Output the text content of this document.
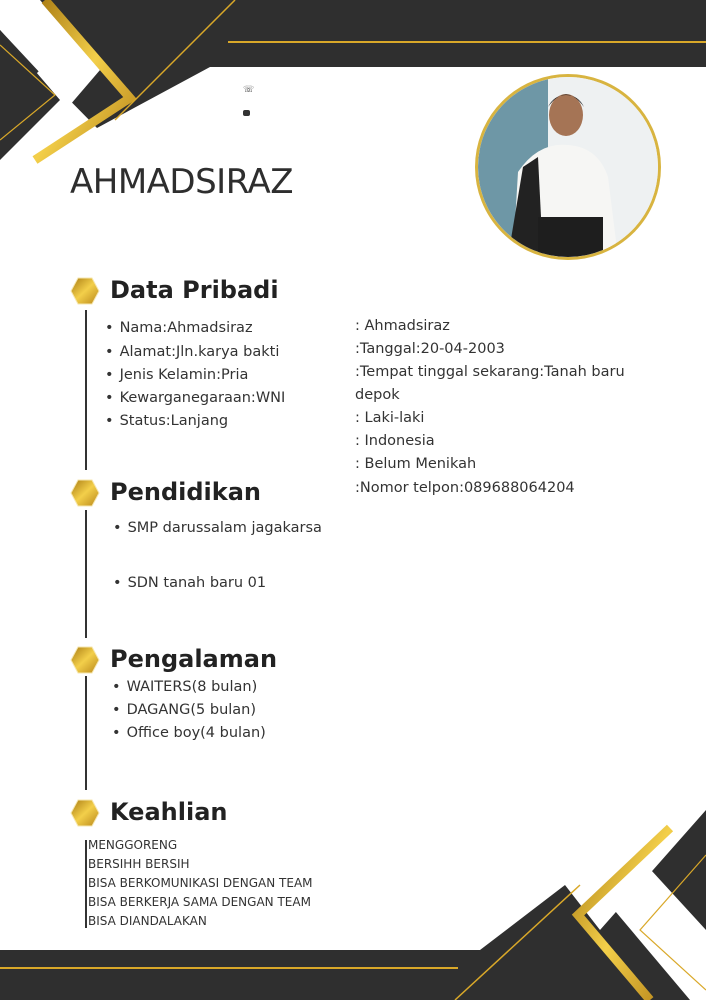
☏
AHMADSIRAZ
Data Pribadi
• Nama:Ahmadsiraz
• Alamat:Jln.karya bakti
• Jenis Kelamin:Pria
• Kewarganegaraan:WNI
• Status:Lanjang
: Ahmadsiraz
:Tanggal:20-04-2003
:Tempat tinggal sekarang:Tanah baru
depok
: Laki-laki
: Indonesia
: Belum Menikah
:Nomor telpon:089688064204
Pendidikan
• SMP darussalam jagakarsa
• SDN tanah baru 01
Pengalaman
• WAITERS(8 bulan)
• DAGANG(5 bulan)
• Office boy(4 bulan)
Keahlian
MENGGORENG
BERSIHH BERSIH
BISA BERKOMUNIKASI DENGAN TEAM
BISA BERKERJA SAMA DENGAN TEAM
BISA DIANDALAKAN
